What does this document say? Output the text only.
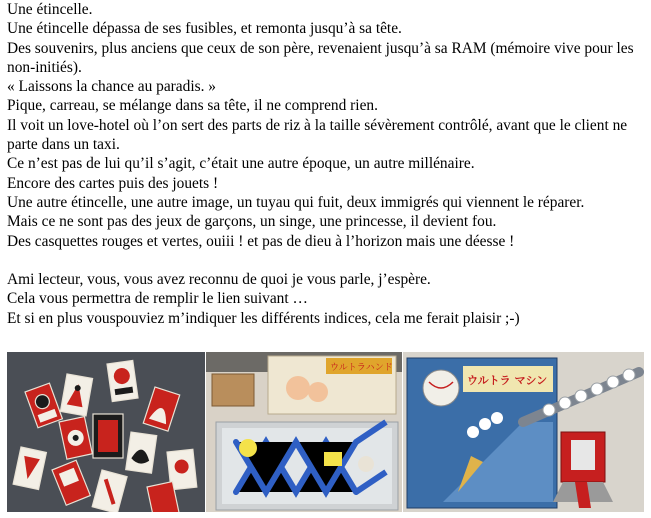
Une étincelle.

Une étincelle dépassa de ses fusibles, et remonta jusqu’à sa tête.

Des souvenirs, plus anciens que ceux de son père, revenaient jusqu’à sa RAM (mémoire vive pour les non-initiés).

« Laissons la chance au paradis. »

Pique, carreau, se mélange dans sa tête, il ne comprend rien.

Il voit un love-hotel où l’on sert des parts de riz à la taille sévèrement contrôlé, avant que le client ne parte dans un taxi.

Ce n’est pas de lui qu’il s’agit, c’était une autre époque, un autre millénaire.

Encore des cartes puis des jouets !

Une autre étincelle, une autre image, un tuyau qui fuit, deux immigrés qui viennent le réparer.

Mais ce ne sont pas des jeux de garçons, un singe, une princesse, il devient fou.

Des casquettes rouges et vertes, ouiii ! et pas de dieu à l’horizon mais une déesse !

Ami lecteur, vous, vous avez reconnu de quoi je vous parle, j’espère.

Cela vous permettra de remplir le lien suivant …

Et si en plus vouspouviez m’indiquer les différents indices, cela me ferait plaisir ;-)

ウルトラハンド
ウルトラ マシン
